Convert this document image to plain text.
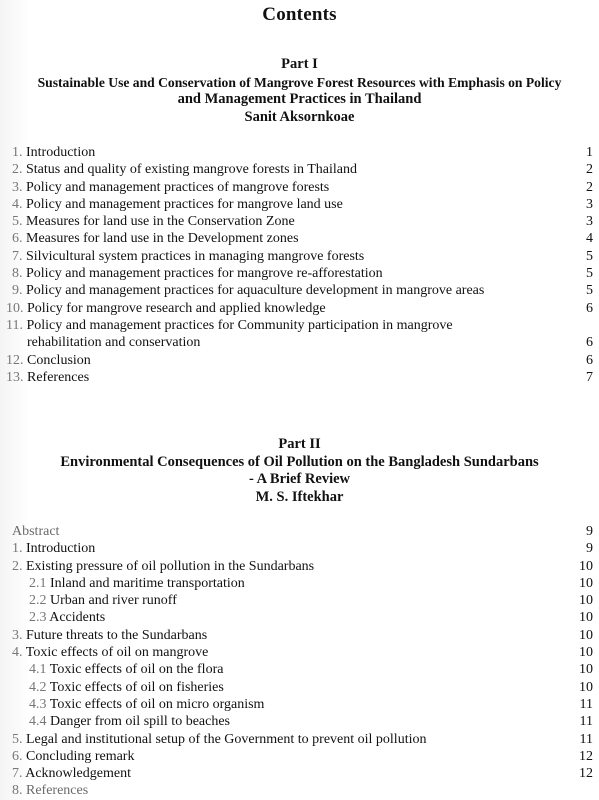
Contents
Part I
Sustainable Use and Conservation of Mangrove Forest Resources with Emphasis on Policy
and Management Practices in Thailand
Sanit Aksornkoae
1. Introduction	1
2. Status and quality of existing mangrove forests in Thailand	2
3. Policy and management practices of mangrove forests	2
4. Policy and management practices for mangrove land use	3
5. Measures for land use in the Conservation Zone	3
6. Measures for land use in the Development zones	4
7. Silvicultural system practices in managing mangrove forests	5
8. Policy and management practices for mangrove re-afforestation	5
9. Policy and management practices for aquaculture development in mangrove areas	5
10. Policy for mangrove research and applied knowledge	6
11. Policy and management practices for Community participation in mangrove
rehabilitation and conservation	6
12. Conclusion	6
13. References	7
Part II
Environmental Consequences of Oil Pollution on the Bangladesh Sundarbans
- A Brief Review
M. S. Iftekhar
Abstract	9
1. Introduction	9
2. Existing pressure of oil pollution in the Sundarbans	10
2.1 Inland and maritime transportation	10
2.2 Urban and river runoff	10
2.3 Accidents	10
3. Future threats to the Sundarbans	10
4. Toxic effects of oil on mangrove	10
4.1 Toxic effects of oil on the flora	10
4.2 Toxic effects of oil on fisheries	10
4.3 Toxic effects of oil on micro organism	11
4.4 Danger from oil spill to beaches	11
5. Legal and institutional setup of the Government to prevent oil pollution	11
6. Concluding remark	12
7. Acknowledgement	12
8. References
